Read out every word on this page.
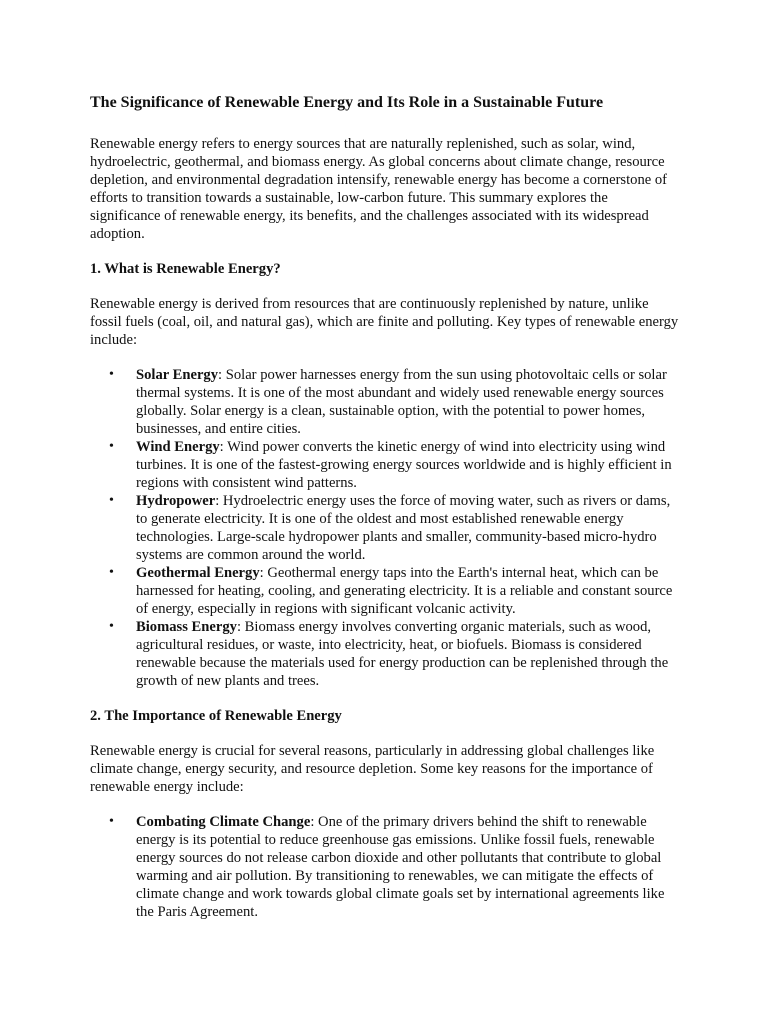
The Significance of Renewable Energy and Its Role in a Sustainable Future

Renewable energy refers to energy sources that are naturally replenished, such as solar, wind, hydroelectric, geothermal, and biomass energy. As global concerns about climate change, resource depletion, and environmental degradation intensify, renewable energy has become a cornerstone of efforts to transition towards a sustainable, low-carbon future. This summary explores the significance of renewable energy, its benefits, and the challenges associated with its widespread adoption.

1. What is Renewable Energy?

Renewable energy is derived from resources that are continuously replenished by nature, unlike fossil fuels (coal, oil, and natural gas), which are finite and polluting. Key types of renewable energy include:

• Solar Energy: Solar power harnesses energy from the sun using photovoltaic cells or solar thermal systems. It is one of the most abundant and widely used renewable energy sources globally. Solar energy is a clean, sustainable option, with the potential to power homes, businesses, and entire cities.
• Wind Energy: Wind power converts the kinetic energy of wind into electricity using wind turbines. It is one of the fastest-growing energy sources worldwide and is highly efficient in regions with consistent wind patterns.
• Hydropower: Hydroelectric energy uses the force of moving water, such as rivers or dams, to generate electricity. It is one of the oldest and most established renewable energy technologies. Large-scale hydropower plants and smaller, community-based micro-hydro systems are common around the world.
• Geothermal Energy: Geothermal energy taps into the Earth's internal heat, which can be harnessed for heating, cooling, and generating electricity. It is a reliable and constant source of energy, especially in regions with significant volcanic activity.
• Biomass Energy: Biomass energy involves converting organic materials, such as wood, agricultural residues, or waste, into electricity, heat, or biofuels. Biomass is considered renewable because the materials used for energy production can be replenished through the growth of new plants and trees.
2. The Importance of Renewable Energy

Renewable energy is crucial for several reasons, particularly in addressing global challenges like climate change, energy security, and resource depletion. Some key reasons for the importance of renewable energy include:

• Combating Climate Change: One of the primary drivers behind the shift to renewable energy is its potential to reduce greenhouse gas emissions. Unlike fossil fuels, renewable energy sources do not release carbon dioxide and other pollutants that contribute to global warming and air pollution. By transitioning to renewables, we can mitigate the effects of climate change and work towards global climate goals set by international agreements like the Paris Agreement.
